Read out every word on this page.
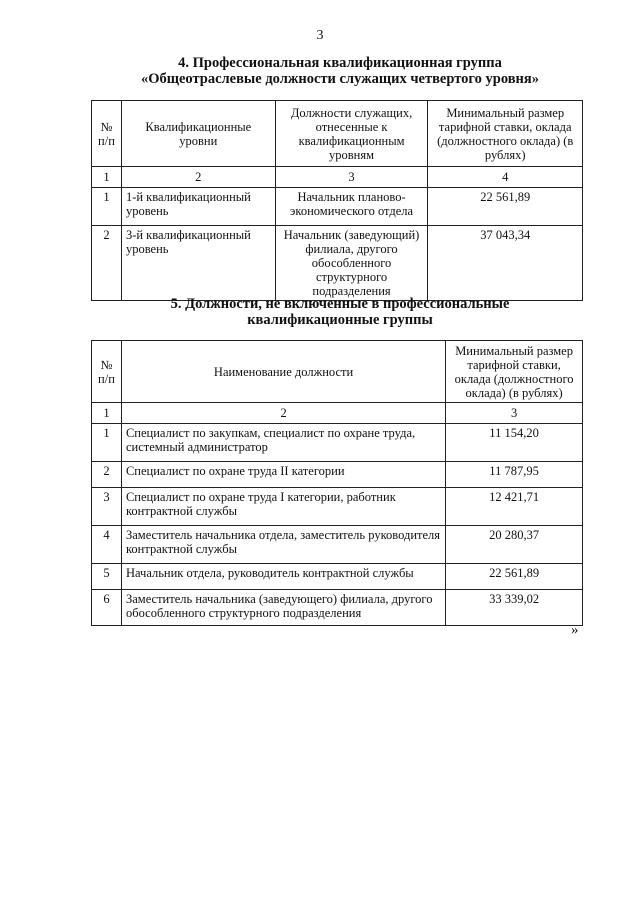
3
4. Профессиональная квалификационная группа
«Общеотраслевые должности служащих четвертого уровня»
№ п/п	Квалификационные уровни	Должности служащих, отнесенные к квалификационным уровням	Минимальный размер тарифной ставки, оклада (должностного оклада) (в рублях)
1	2	3	4
1	1-й квалификационный уровень	Начальник планово-экономического отдела	22 561,89
2	3-й квалификационный уровень	Начальник (заведующий) филиала, другого обособленного структурного подразделения	37 043,34
5. Должности, не включенные в профессиональные
квалификационные группы
№ п/п	Наименование должности	Минимальный размер тарифной ставки, оклада (должностного оклада) (в рублях)
1	2	3
1	Специалист по закупкам, специалист по охране труда, системный администратор	11 154,20
2	Специалист по охране труда II категории	11 787,95
3	Специалист по охране труда I категории, работник контрактной службы	12 421,71
4	Заместитель начальника отдела, заместитель руководителя контрактной службы	20 280,37
5	Начальник отдела, руководитель контрактной службы	22 561,89
6	Заместитель начальника (заведующего) филиала, другого обособленного структурного подразделения	33 339,02
»
